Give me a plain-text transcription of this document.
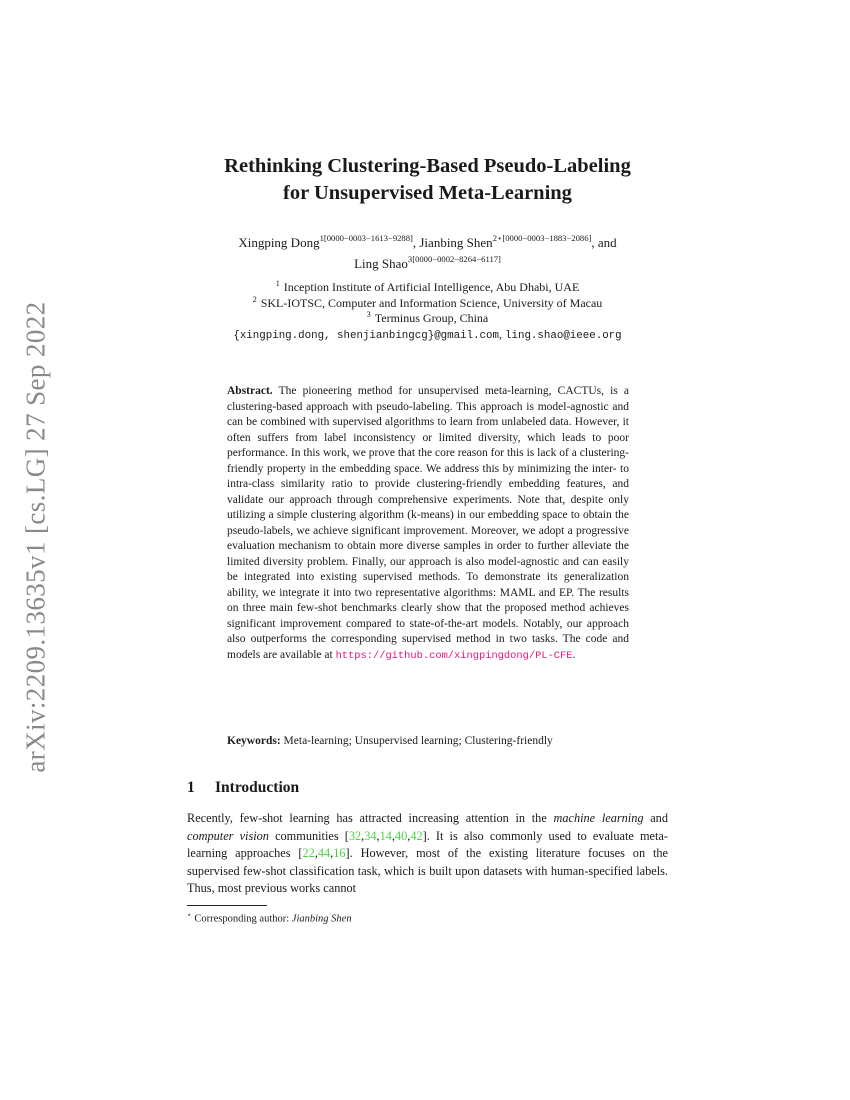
arXiv:2209.13635v1 [cs.LG] 27 Sep 2022
Rethinking Clustering-Based Pseudo-Labeling
for Unsupervised Meta-Learning
Xingping Dong$^{1[0000-0003-1613-9288]}$, Jianbing Shen$^{2⋆[0000-0003-1883-2086]}$, and
Ling Shao$^{3[0000-0002-8264-6117]}$
$^1$ Inception Institute of Artificial Intelligence, Abu Dhabi, UAE
$^2$ SKL-IOTSC, Computer and Information Science, University of Macau
$^3$ Terminus Group, China
{xingping.dong, shenjianbingcg}@gmail.com, ling.shao@ieee.org
Abstract. The pioneering method for unsupervised meta-learning, CACTUs, is a clustering-based approach with pseudo-labeling. This approach is model-agnostic and can be combined with supervised algorithms to learn from unlabeled data. However, it often suffers from label inconsistency or limited diversity, which leads to poor performance. In this work, we prove that the core reason for this is lack of a clustering-friendly property in the embedding space. We address this by minimizing the inter- to intra-class similarity ratio to provide clustering-friendly embedding features, and validate our approach through comprehensive experiments. Note that, despite only utilizing a simple clustering algorithm (k-means) in our embedding space to obtain the pseudo-labels, we achieve significant improvement. Moreover, we adopt a progressive evaluation mechanism to obtain more diverse samples in order to further alleviate the limited diversity problem. Finally, our approach is also model-agnostic and can easily be integrated into existing supervised methods. To demonstrate its generalization ability, we integrate it into two representative algorithms: MAML and EP. The results on three main few-shot benchmarks clearly show that the proposed method achieves significant improvement compared to state-of-the-art models. Notably, our approach also outperforms the corresponding supervised method in two tasks. The code and models are available at https://github.com/xingpingdong/PL-CFE.
Keywords: Meta-learning; Unsupervised learning; Clustering-friendly
1 Introduction
Recently, few-shot learning has attracted increasing attention in the machine learning and computer vision communities [32,34,14,40,42]. It is also commonly used to evaluate meta-learning approaches [22,44,16]. However, most of the existing literature focuses on the supervised few-shot classification task, which is built upon datasets with human-specified labels. Thus, most previous works cannot
⋆ Corresponding author: Jianbing Shen
